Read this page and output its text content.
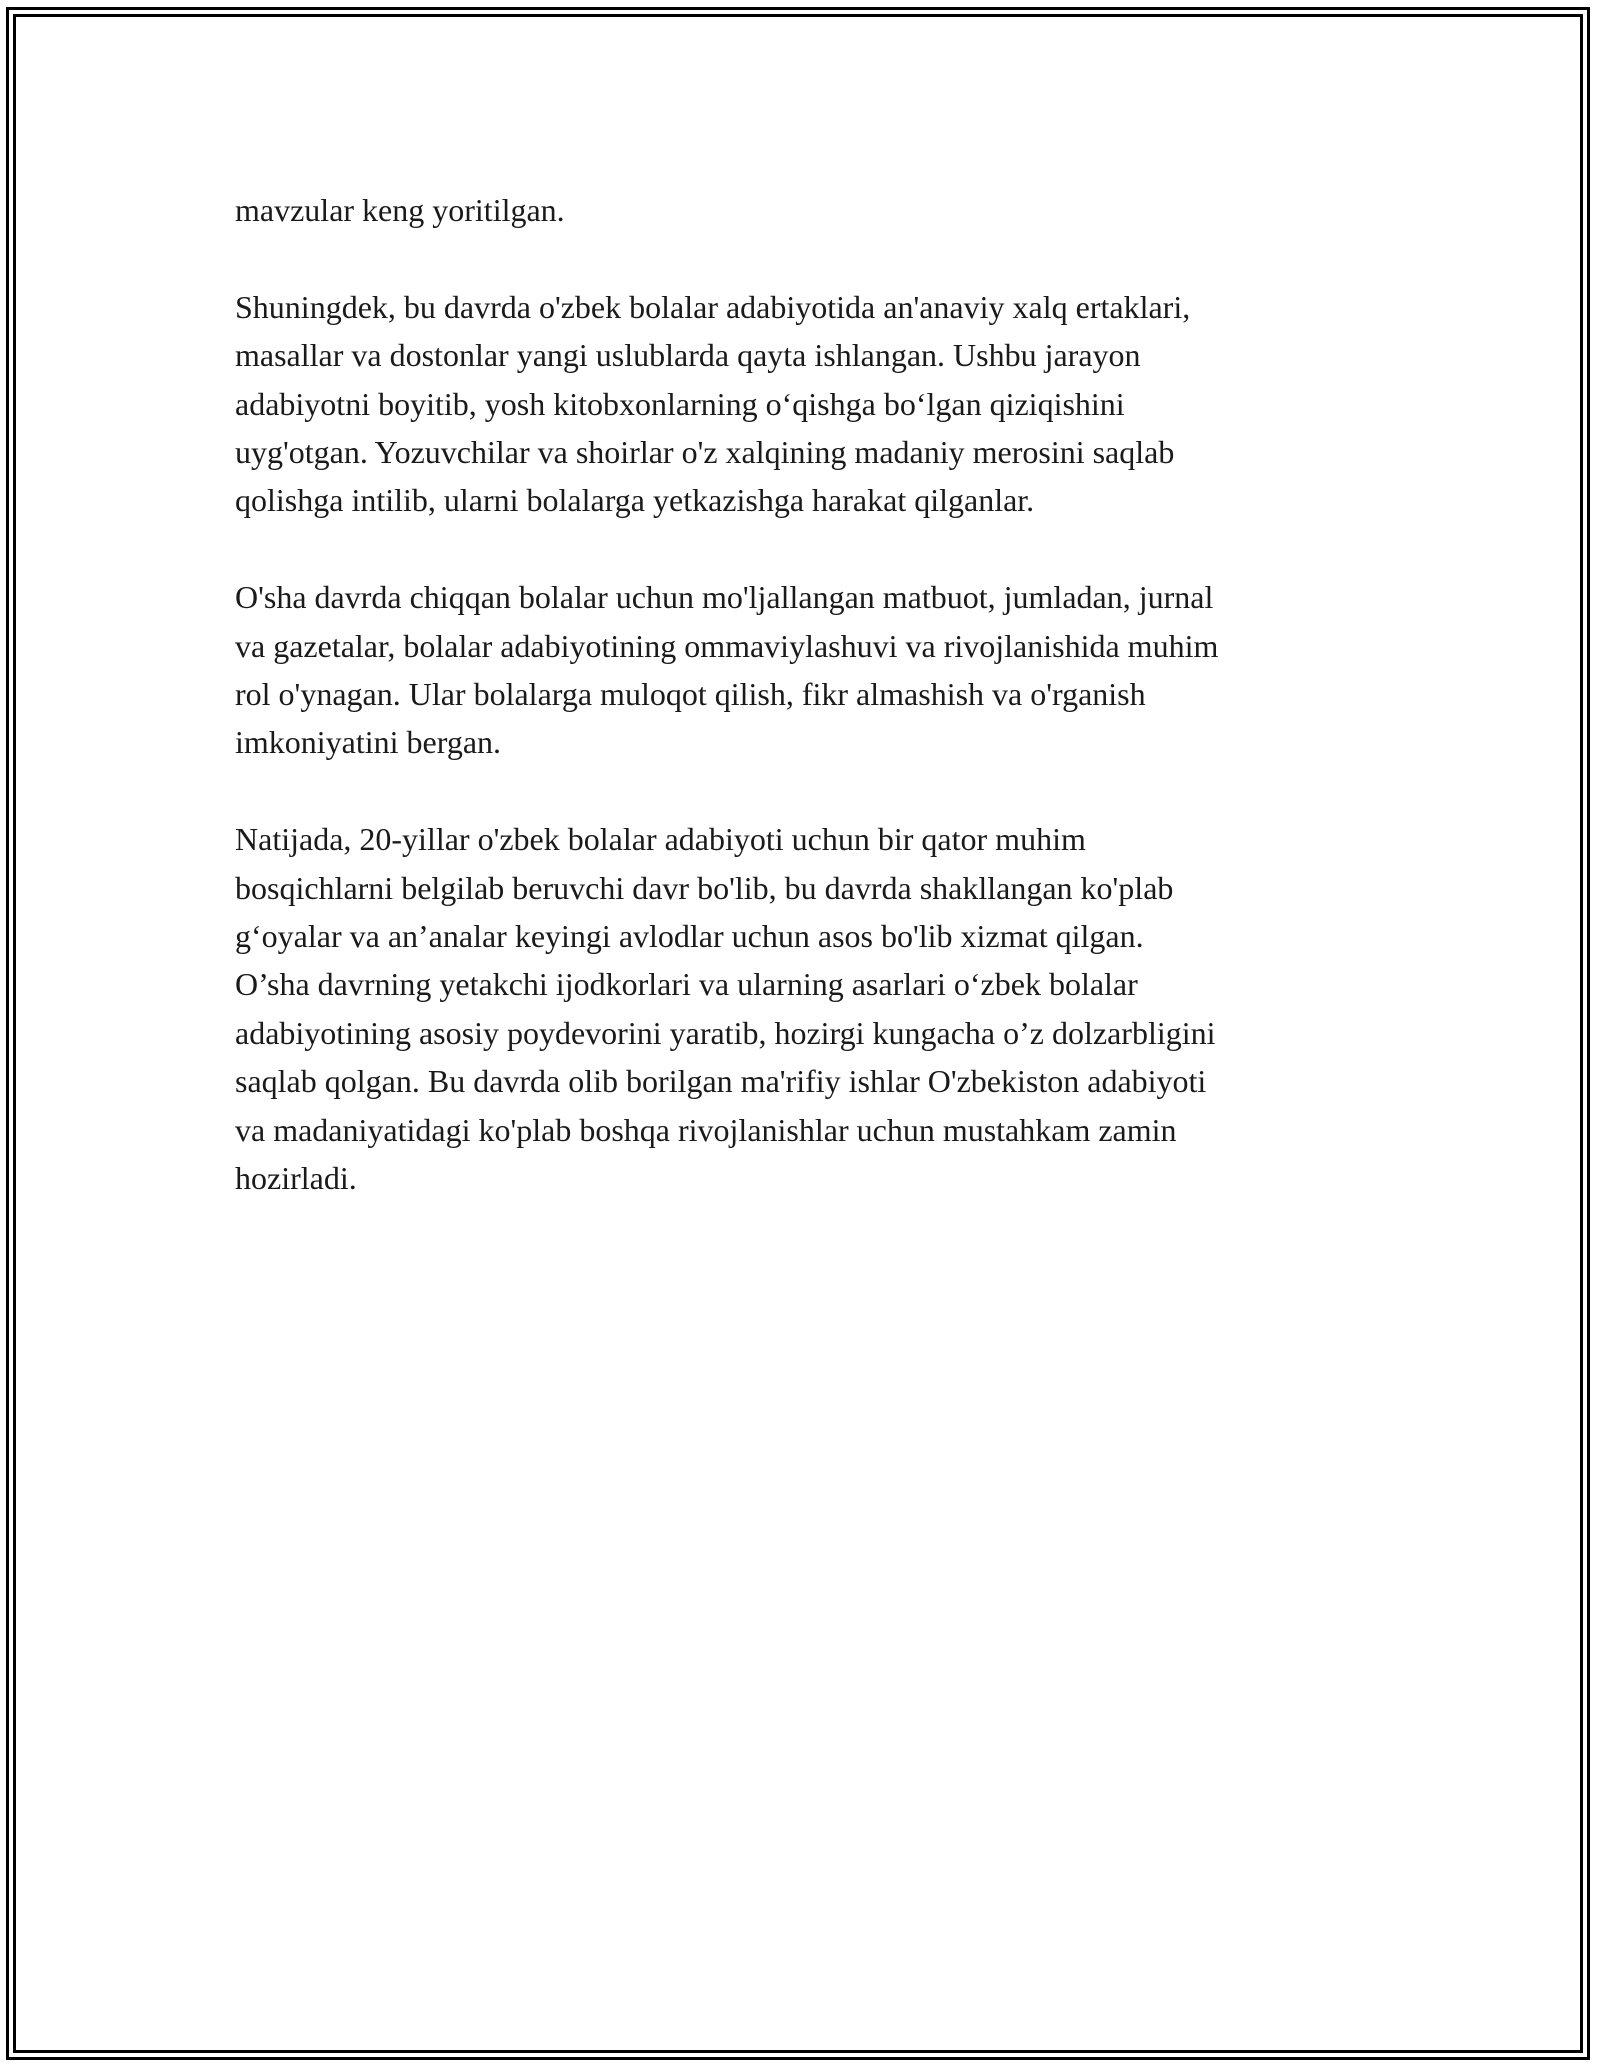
mavzular keng yoritilgan.

Shuningdek, bu davrda o'zbek bolalar adabiyotida an'anaviy xalq ertaklari,
masallar va dostonlar yangi uslublarda qayta ishlangan. Ushbu jarayon
adabiyotni boyitib, yosh kitobxonlarning o‘qishga bo‘lgan qiziqishini
uyg'otgan. Yozuvchilar va shoirlar o'z xalqining madaniy merosini saqlab
qolishga intilib, ularni bolalarga yetkazishga harakat qilganlar.

O'sha davrda chiqqan bolalar uchun mo'ljallangan matbuot, jumladan, jurnal
va gazetalar, bolalar adabiyotining ommaviylashuvi va rivojlanishida muhim
rol o'ynagan. Ular bolalarga muloqot qilish, fikr almashish va o'rganish
imkoniyatini bergan.

Natijada, 20-yillar o'zbek bolalar adabiyoti uchun bir qator muhim
bosqichlarni belgilab beruvchi davr bo'lib, bu davrda shakllangan ko'plab
g‘oyalar va an’analar keyingi avlodlar uchun asos bo'lib xizmat qilgan.
O’sha davrning yetakchi ijodkorlari va ularning asarlari o‘zbek bolalar
adabiyotining asosiy poydevorini yaratib, hozirgi kungacha o’z dolzarbligini
saqlab qolgan. Bu davrda olib borilgan ma'rifiy ishlar O'zbekiston adabiyoti
va madaniyatidagi ko'plab boshqa rivojlanishlar uchun mustahkam zamin
hozirladi.
